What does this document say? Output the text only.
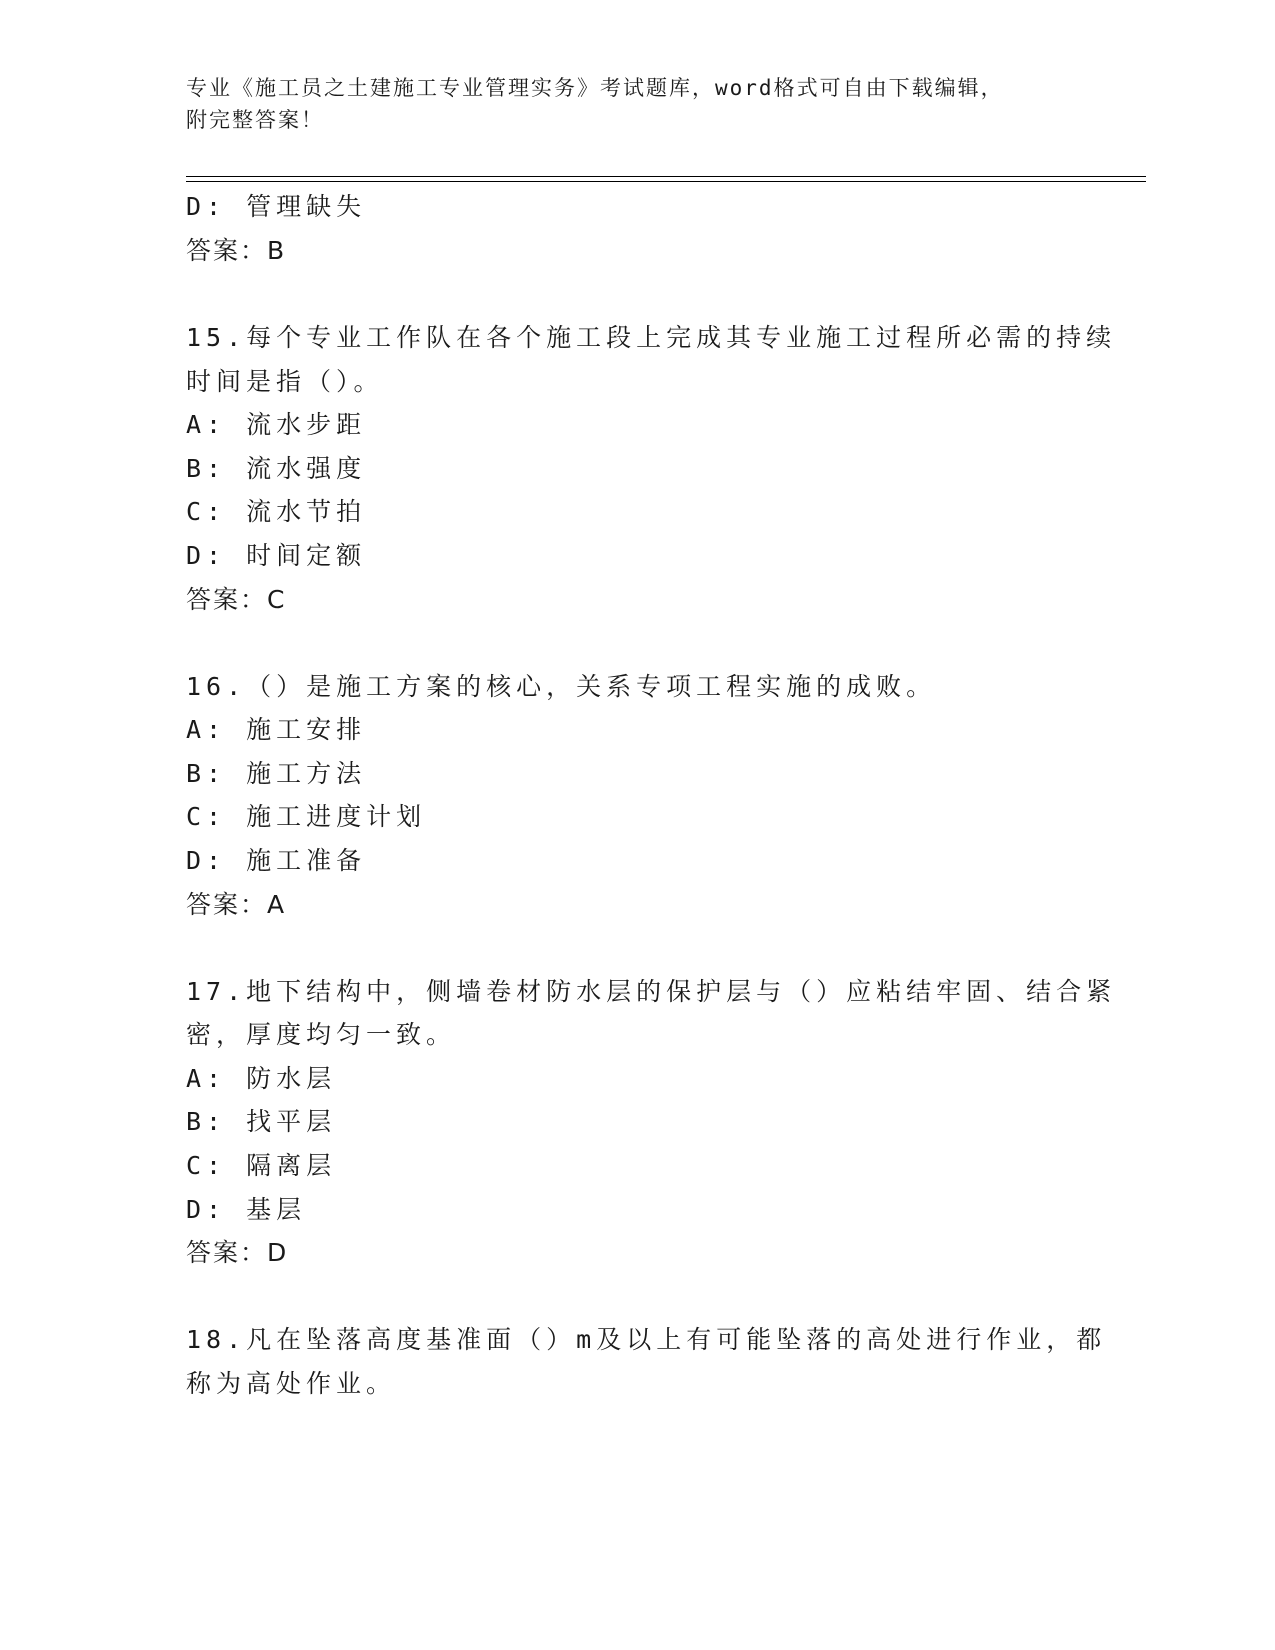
专业《施工员之土建施工专业管理实务》考试题库，word格式可自由下载编辑，
附完整答案！
D: 管理缺失
答案：B
15.每个专业工作队在各个施工段上完成其专业施工过程所必需的持续
时间是指（）。
A: 流水步距
B: 流水强度
C: 流水节拍
D: 时间定额
答案：C
16.（）是施工方案的核心，关系专项工程实施的成败。
A: 施工安排
B: 施工方法
C: 施工进度计划
D: 施工准备
答案：A
17.地下结构中，侧墙卷材防水层的保护层与（）应粘结牢固、结合紧
密，厚度均匀一致。
A: 防水层
B: 找平层
C: 隔离层
D: 基层
答案：D
18.凡在坠落高度基准面（）m及以上有可能坠落的高处进行作业，都
称为高处作业。
